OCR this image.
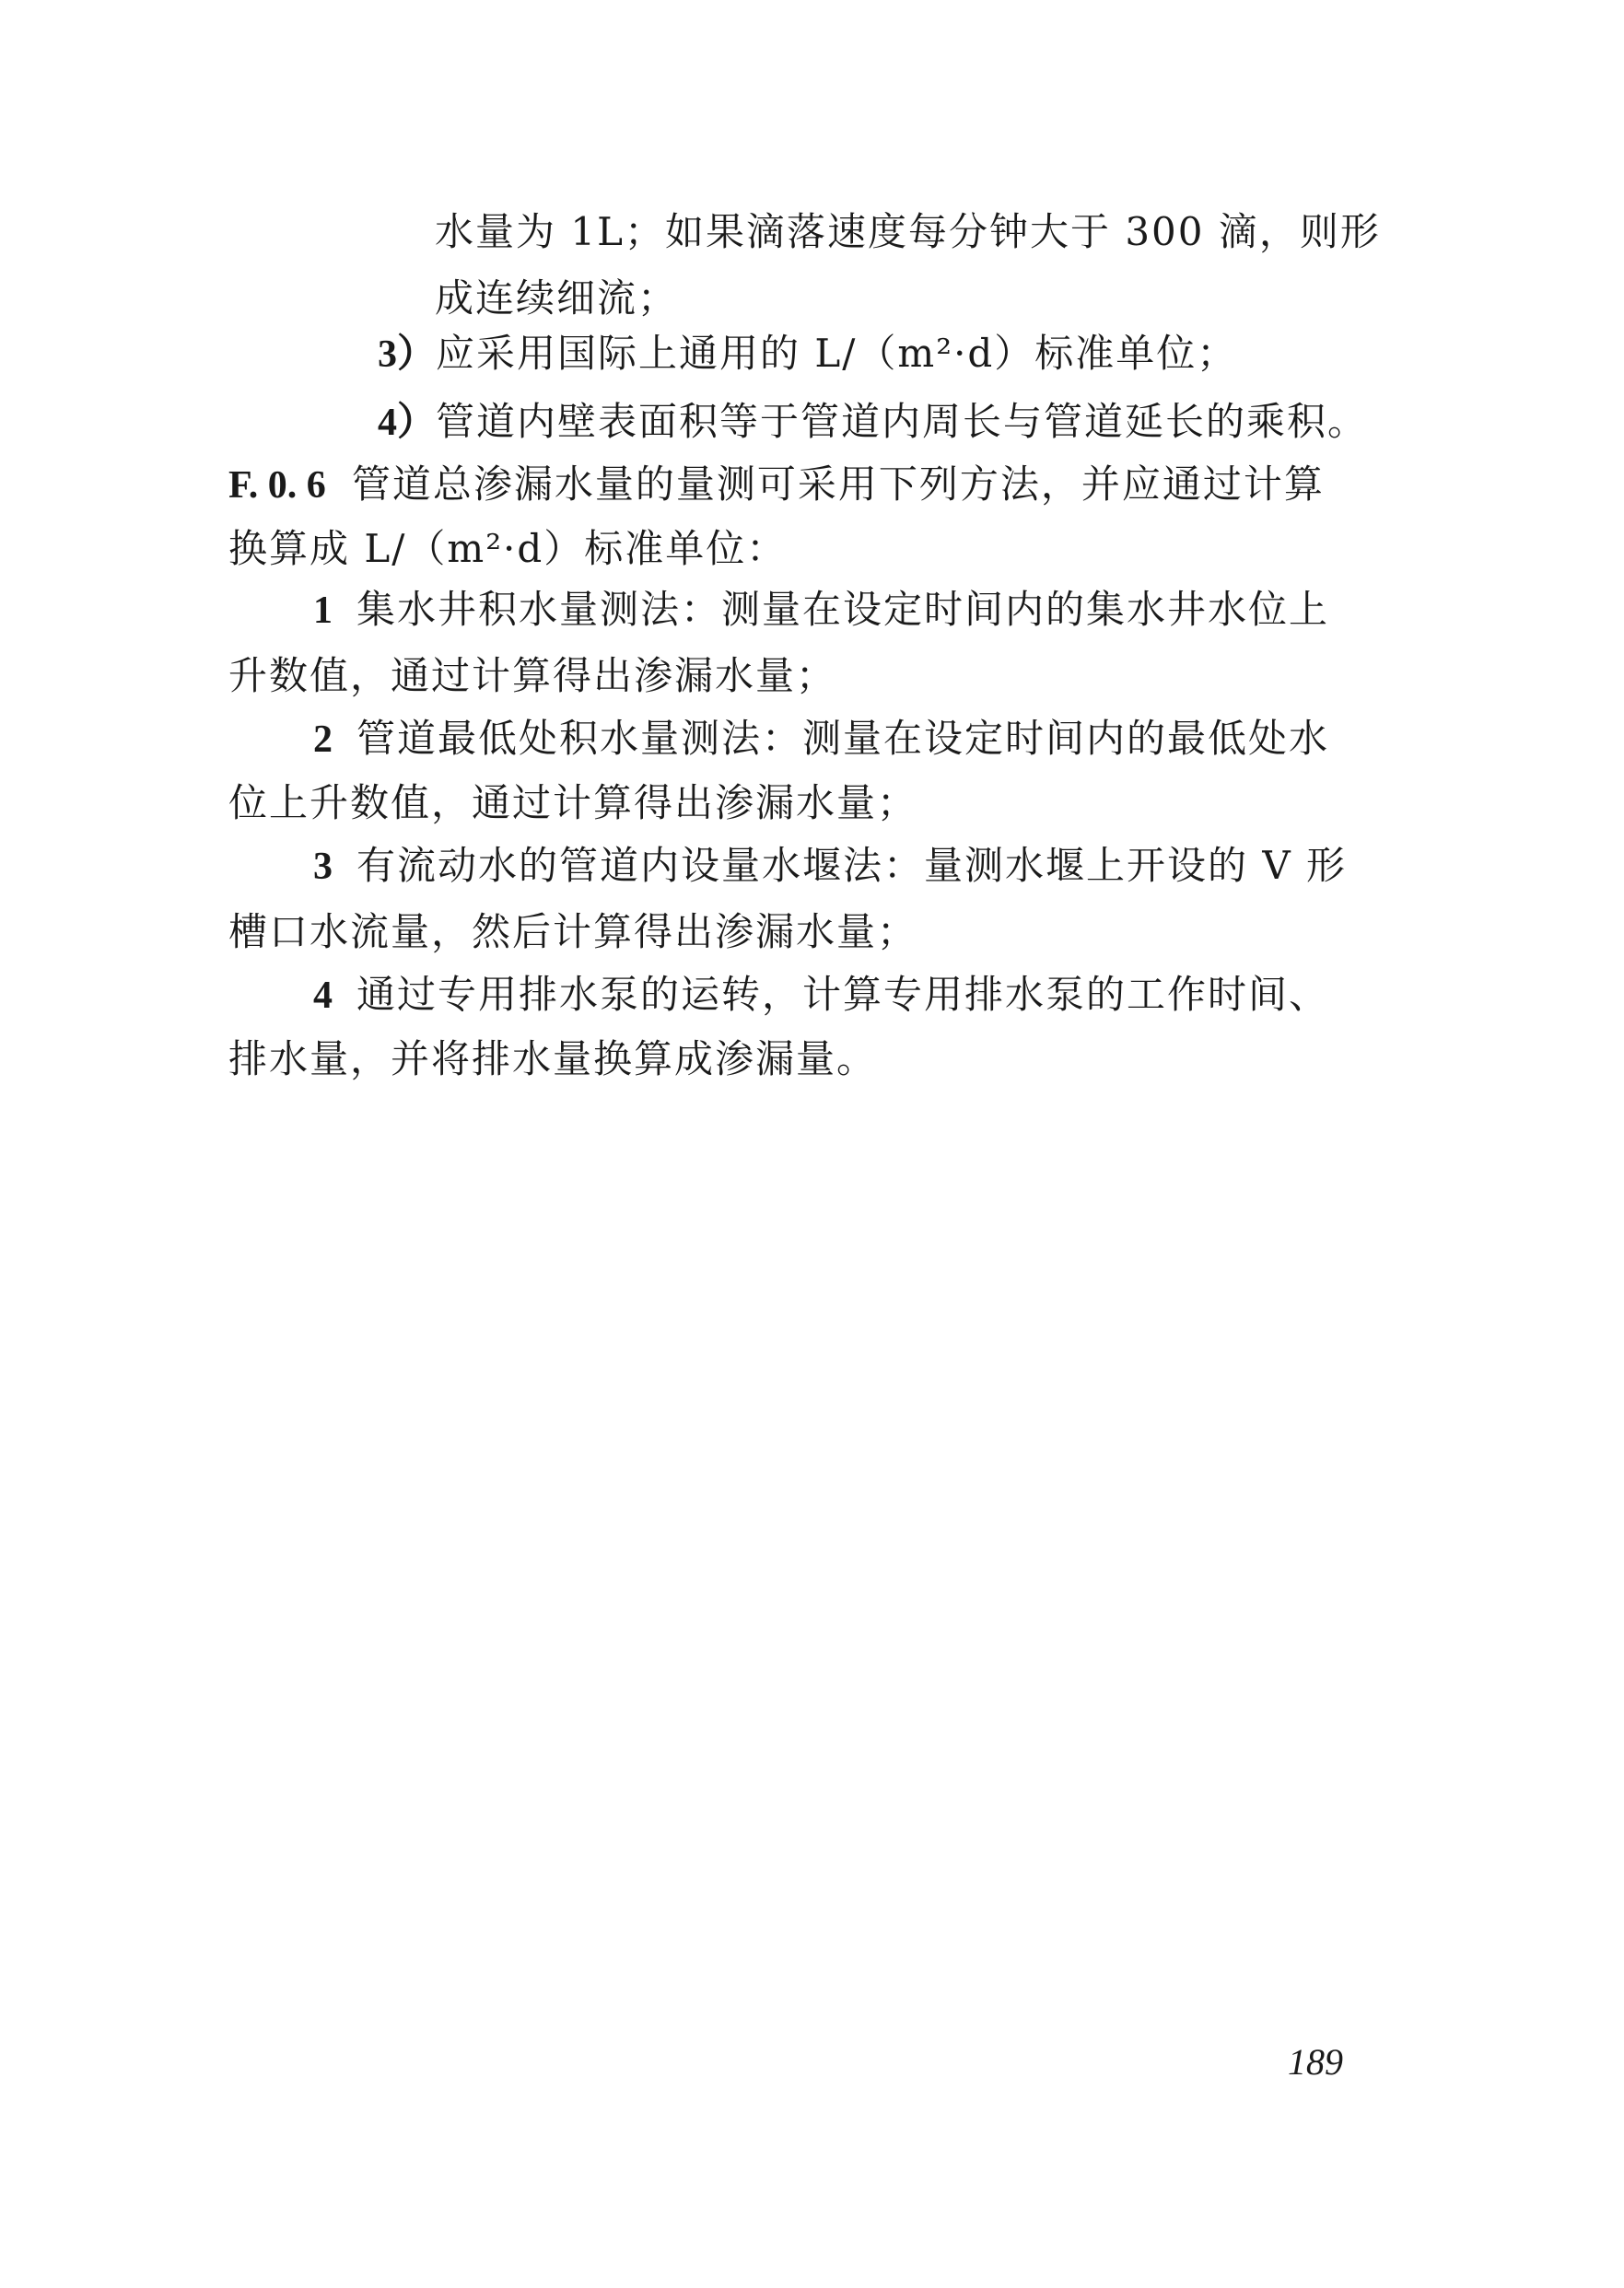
水量为 1L；如果滴落速度每分钟大于 300 滴，则形
成连续细流；
3）应采用国际上通用的 L/（m²·d）标准单位；
4）管道内壁表面积等于管道内周长与管道延长的乘积。
F. 0. 6 管道总渗漏水量的量测可采用下列方法，并应通过计算
换算成 L/（m²·d）标准单位：
1 集水井积水量测法：测量在设定时间内的集水井水位上
升数值，通过计算得出渗漏水量；
2 管道最低处积水量测法：测量在设定时间内的最低处水
位上升数值，通过计算得出渗漏水量；
3 有流动水的管道内设量水堰法：量测水堰上开设的 V 形
槽口水流量，然后计算得出渗漏水量；
4 通过专用排水泵的运转，计算专用排水泵的工作时间、
排水量，并将排水量换算成渗漏量。
189
